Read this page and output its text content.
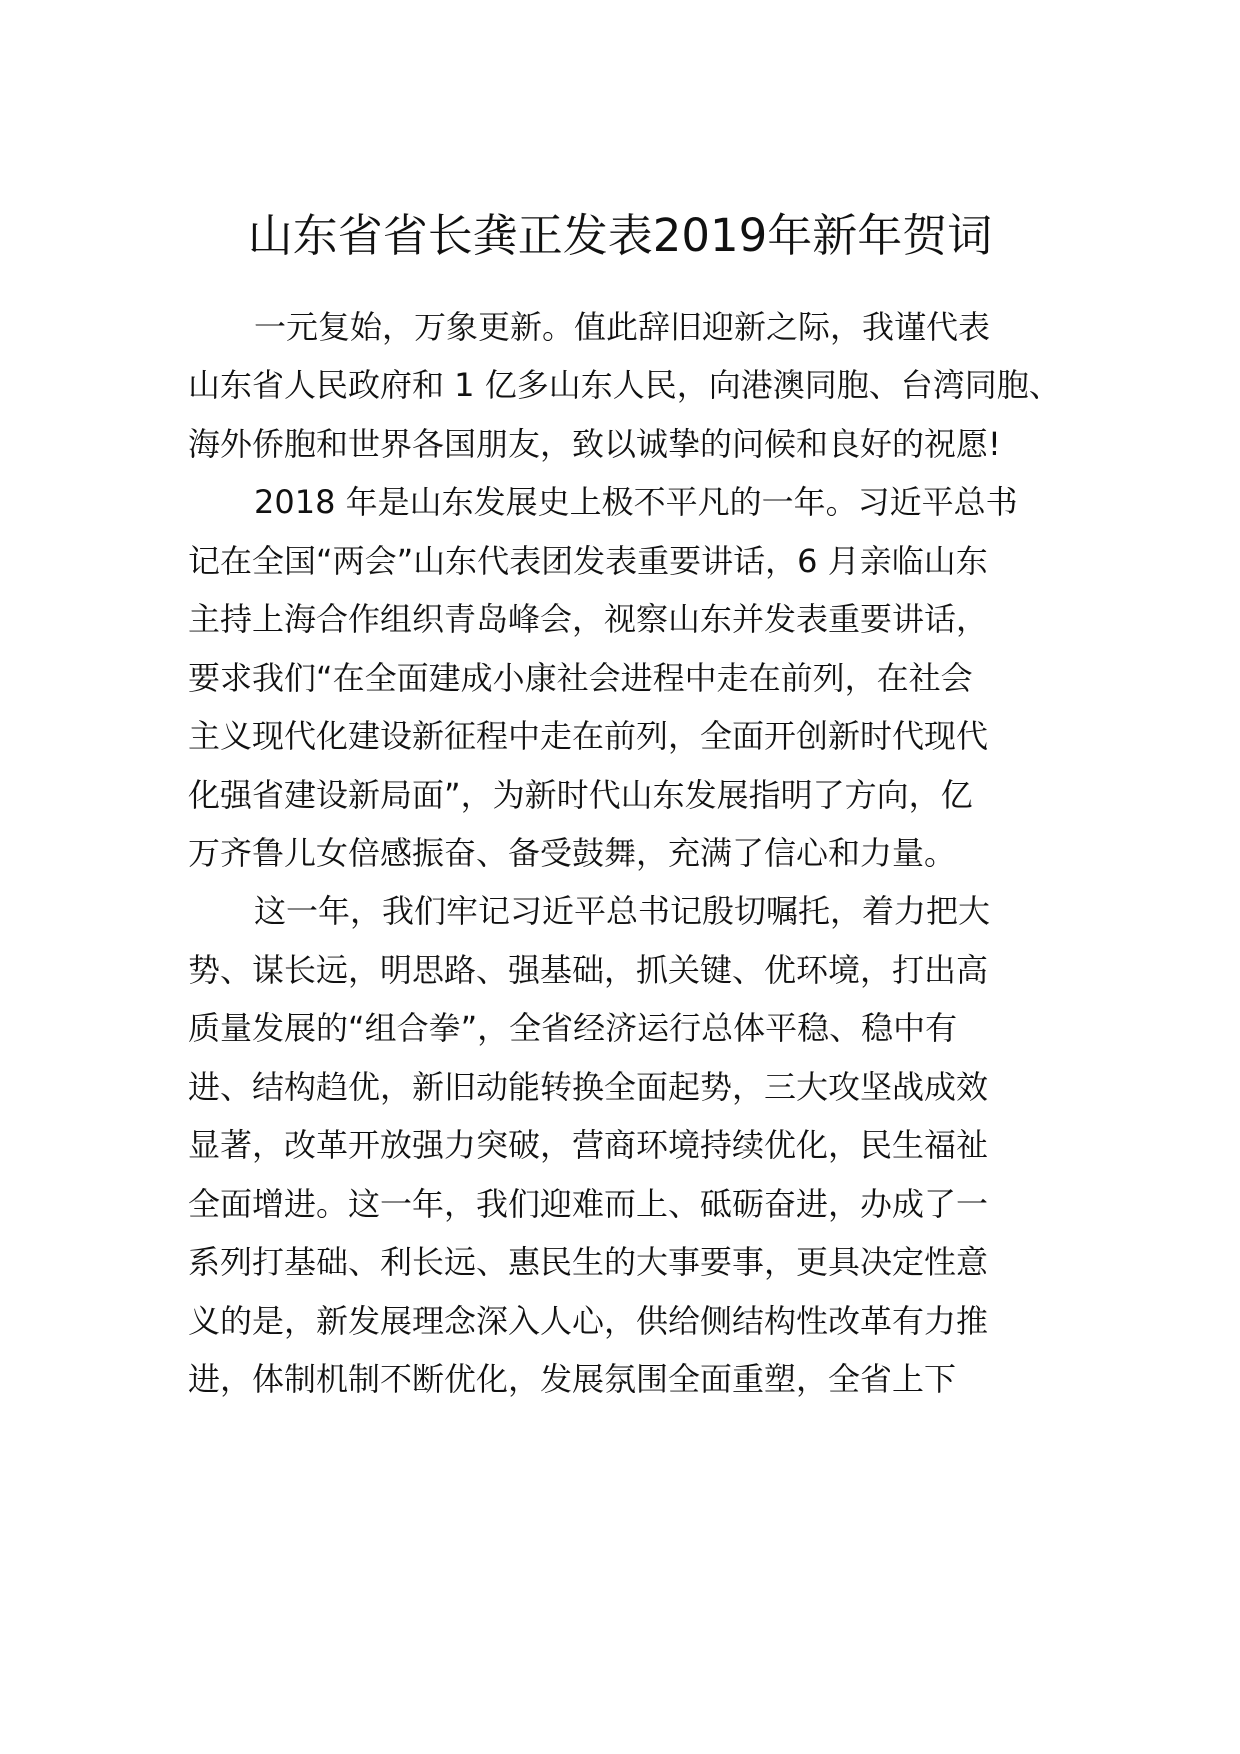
山东省省长龚正发表2019年新年贺词

一元复始，万象更新。值此辞旧迎新之际，我谨代表

山东省人民政府和 1 亿多山东人民，向港澳同胞、台湾同胞、

海外侨胞和世界各国朋友，致以诚挚的问候和良好的祝愿!

2018 年是山东发展史上极不平凡的一年。习近平总书

记在全国“两会”山东代表团发表重要讲话，6 月亲临山东

主持上海合作组织青岛峰会，视察山东并发表重要讲话，

要求我们“在全面建成小康社会进程中走在前列，在社会

主义现代化建设新征程中走在前列，全面开创新时代现代

化强省建设新局面”，为新时代山东发展指明了方向，亿

万齐鲁儿女倍感振奋、备受鼓舞，充满了信心和力量。

这一年，我们牢记习近平总书记殷切嘱托，着力把大

势、谋长远，明思路、强基础，抓关键、优环境，打出高

质量发展的“组合拳”，全省经济运行总体平稳、稳中有

进、结构趋优，新旧动能转换全面起势，三大攻坚战成效

显著，改革开放强力突破，营商环境持续优化，民生福祉

全面增进。这一年，我们迎难而上、砥砺奋进，办成了一

系列打基础、利长远、惠民生的大事要事，更具决定性意

义的是，新发展理念深入人心，供给侧结构性改革有力推

进，体制机制不断优化，发展氛围全面重塑，全省上下
